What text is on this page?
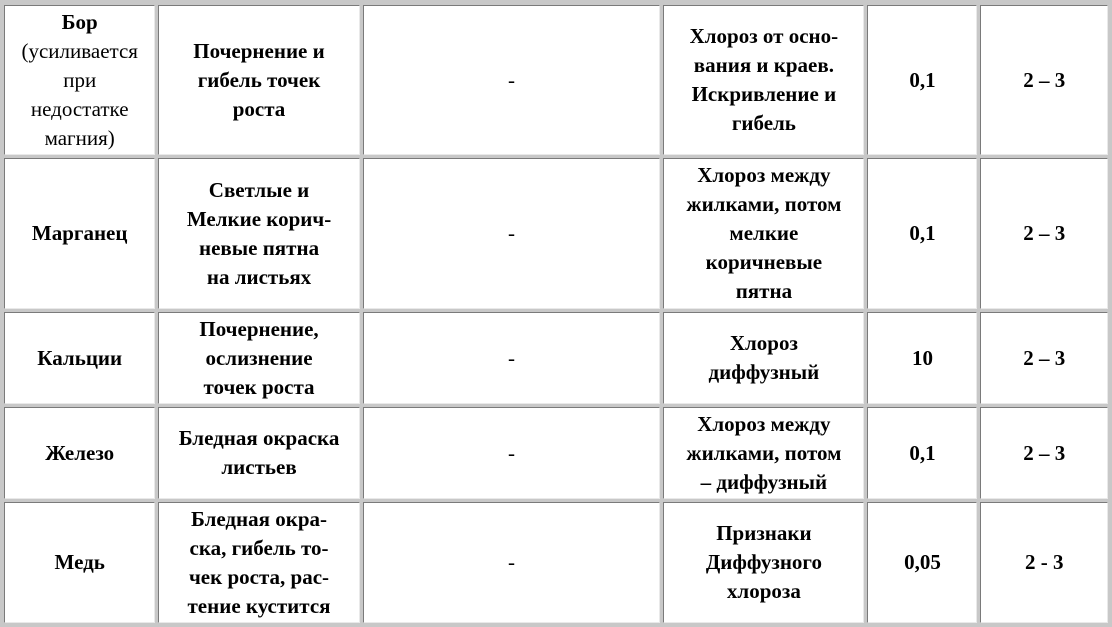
Бор
(усиливается
при
недостатке
магния)	Почернение и
гибель точек
роста	-	Хлороз от осно-
вания и краев.
Искривление и
гибель	0,1	2 – 3

Марганец	Светлые и
Мелкие корич-
невые пятна
на листьях	-	Хлороз между
жилками, потом
мелкие
коричневые
пятна	0,1	2 – 3

Кальции	Почернение,
ослизнение
точек роста	-	Хлороз
диффузный	10	2 – 3

Железо	Бледная окраска
листьев	-	Хлороз между
жилками, потом
– диффузный	0,1	2 – 3

Медь	Бледная окра-
ска, гибель то-
чек роста, рас-
тение кустится	-	Признаки
Диффузного
хлороза	0,05	2 - 3
